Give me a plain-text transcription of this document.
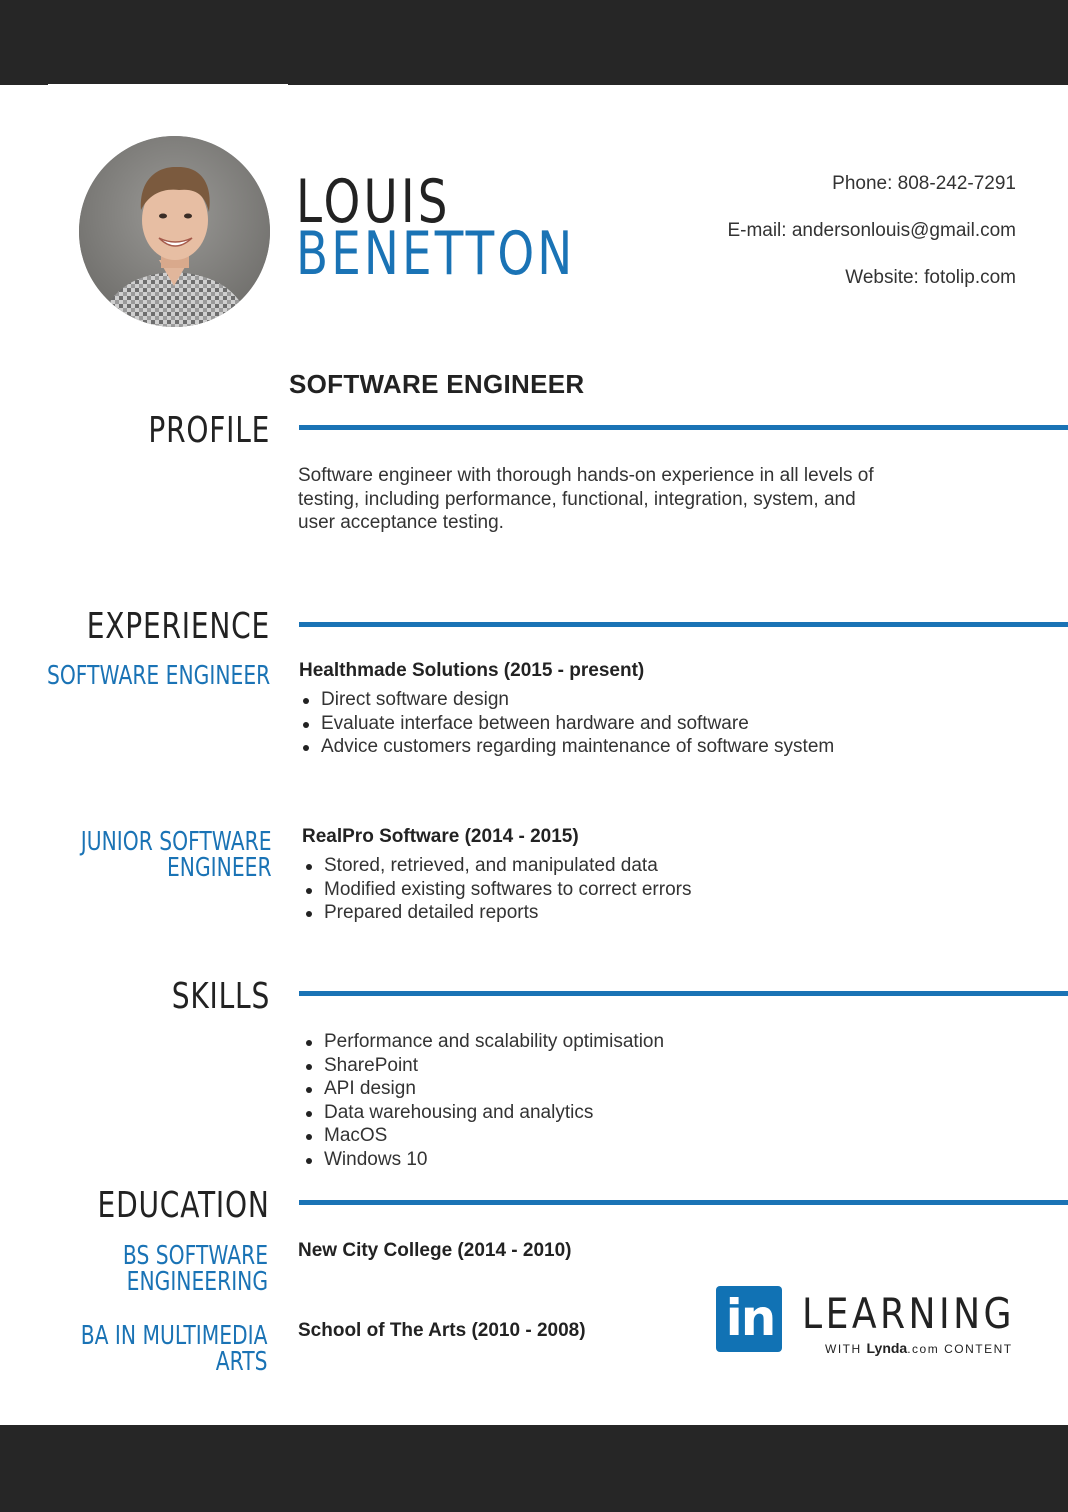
LOUIS
BENETTON
Phone: 808-242-7291
E-mail: andersonlouis@gmail.com
Website: fotolip.com
SOFTWARE ENGINEER
PROFILE
Software engineer with thorough hands-on experience in all levels of testing, including performance, functional, integration, system, and user acceptance testing.
EXPERIENCE
SOFTWARE ENGINEER Healthmade Solutions (2015 - present)
Direct software design
Evaluate interface between hardware and software
Advice customers regarding maintenance of software system
JUNIOR SOFTWARE
ENGINEER
RealPro Software (2014 - 2015)
Stored, retrieved, and manipulated data
Modified existing softwares to correct errors
Prepared detailed reports
SKILLS
Performance and scalability optimisation
SharePoint
API design
Data warehousing and analytics
MacOS
Windows 10
EDUCATION
BS SOFTWARE
ENGINEERING
New City College (2014 - 2010)
BA IN MULTIMEDIA
ARTS
School of The Arts (2010 - 2008)	in LEARNING
WITH Lynda.com CONTENT
